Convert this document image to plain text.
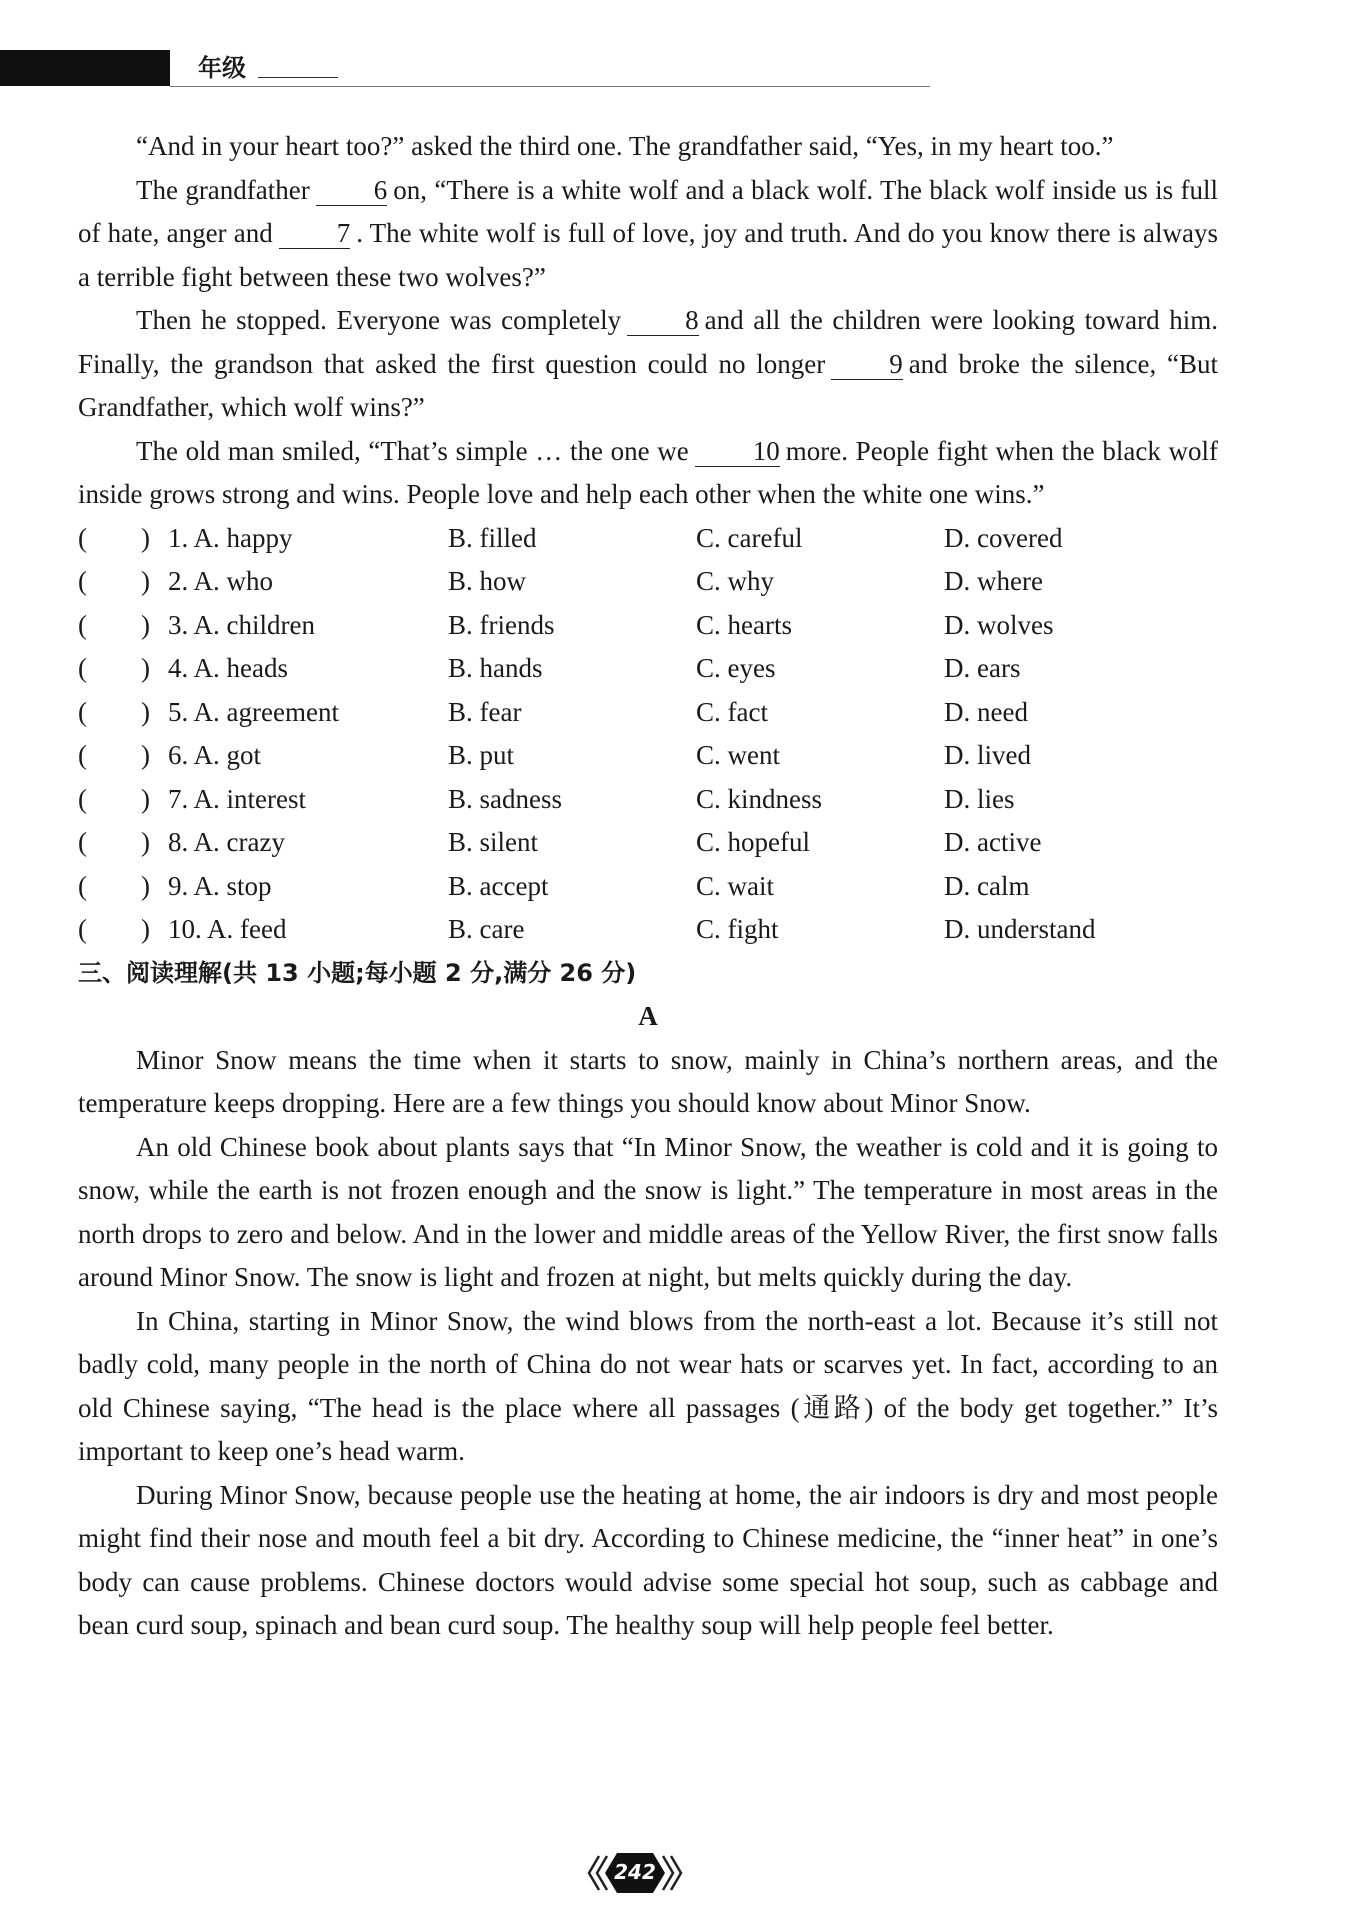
年级

“And in your heart too?” asked the third one. The grandfather said, “Yes, in my heart too.”

The grandfather 6 on, “There is a white wolf and a black wolf. The black wolf inside us is full of hate, anger and 7 . The white wolf is full of love, joy and truth. And do you know there is always a terrible fight between these two wolves?”

Then he stopped. Everyone was completely 8 and all the children were looking toward him. Finally, the grandson that asked the first question could no longer 9 and broke the silence, “But Grandfather, which wolf wins?”

The old man smiled, “That’s simple … the one we 10 more. People fight when the black wolf inside grows strong and wins. People love and help each other when the white one wins.”

(　　) 1. A. happy	B. filled	C. careful	D. covered
(　　) 2. A. who	B. how	C. why	D. where
(　　) 3. A. children	B. friends	C. hearts	D. wolves
(　　) 4. A. heads	B. hands	C. eyes	D. ears
(　　) 5. A. agreement	B. fear	C. fact	D. need
(　　) 6. A. got	B. put	C. went	D. lived
(　　) 7. A. interest	B. sadness	C. kindness	D. lies
(　　) 8. A. crazy	B. silent	C. hopeful	D. active
(　　) 9. A. stop	B. accept	C. wait	D. calm
(　　) 10. A. feed	B. care	C. fight	D. understand
三、阅读理解(共 13 小题;每小题 2 分,满分 26 分)
A

Minor Snow means the time when it starts to snow, mainly in China’s northern areas, and the temperature keeps dropping. Here are a few things you should know about Minor Snow.

An old Chinese book about plants says that “In Minor Snow, the weather is cold and it is going to snow, while the earth is not frozen enough and the snow is light.” The temperature in most areas in the north drops to zero and below. And in the lower and middle areas of the Yellow River, the first snow falls around Minor Snow. The snow is light and frozen at night, but melts quickly during the day.

In China, starting in Minor Snow, the wind blows from the north-east a lot. Because it’s still not badly cold, many people in the north of China do not wear hats or scarves yet. In fact, according to an old Chinese saying, “The head is the place where all passages (通路) of the body get together.” It’s important to keep one’s head warm.

During Minor Snow, because people use the heating at home, the air indoors is dry and most people might find their nose and mouth feel a bit dry. According to Chinese medicine, the “inner heat” in one’s body can cause problems. Chinese doctors would advise some special hot soup, such as cabbage and bean curd soup, spinach and bean curd soup. The healthy soup will help people feel better.

242
